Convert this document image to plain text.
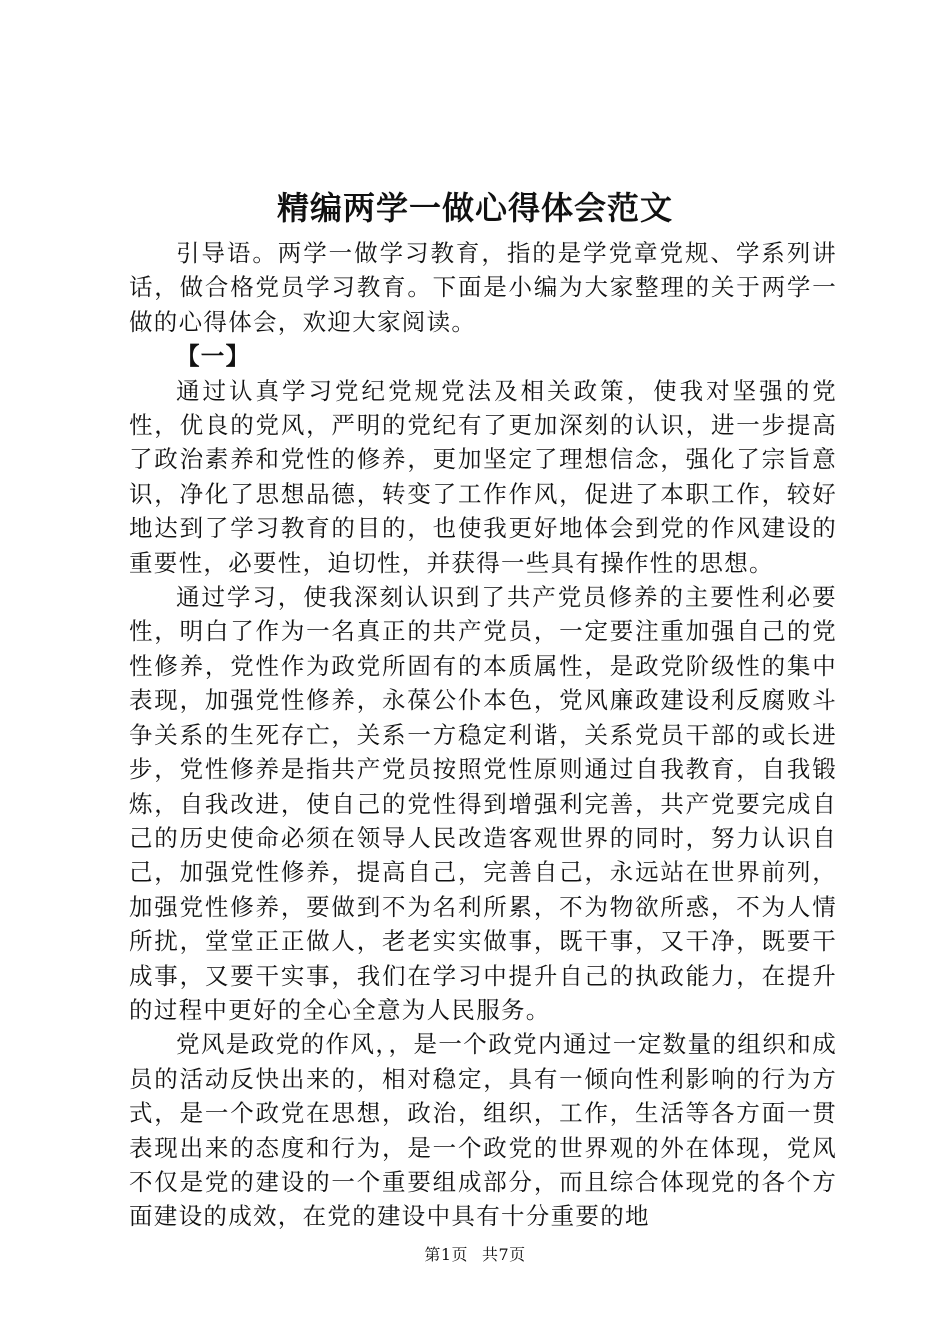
精编两学一做心得体会范文

引导语。两学一做学习教育，指的是学党章党规、学系列讲话，做合格党员学习教育。下面是小编为大家整理的关于两学一做的心得体会，欢迎大家阅读。

【一】

通过认真学习党纪党规党法及相关政策，使我对坚强的党性，优良的党风，严明的党纪有了更加深刻的认识，进一步提高了政治素养和党性的修养，更加坚定了理想信念，强化了宗旨意识，净化了思想品德，转变了工作作风，促进了本职工作，较好地达到了学习教育的目的，也使我更好地体会到党的作风建设的重要性，必要性，迫切性，并获得一些具有操作性的思想。

通过学习，使我深刻认识到了共产党员修养的主要性利必要性，明白了作为一名真正的共产党员，一定要注重加强自己的党性修养，党性作为政党所固有的本质属性，是政党阶级性的集中表现，加强党性修养，永葆公仆本色，党风廉政建设利反腐败斗争关系的生死存亡，关系一方稳定利谐，关系党员干部的或长进步，党性修养是指共产党员按照党性原则通过自我教育，自我锻炼，自我改进，使自己的党性得到增强利完善，共产党要完成自己的历史使命必须在领导人民改造客观世界的同时，努力认识自己，加强党性修养，提高自己，完善自己，永远站在世界前列，加强党性修养，要做到不为名利所累，不为物欲所惑，不为人情所扰，堂堂正正做人，老老实实做事，既干事，又干净，既要干成事，又要干实事，我们在学习中提升自己的执政能力，在提升的过程中更好的全心全意为人民服务。

党风是政党的作风，，是一个政党内通过一定数量的组织和成员的活动反快出来的，相对稳定，具有一倾向性利影响的行为方式，是一个政党在思想，政治，组织，工作，生活等各方面一贯表现出来的态度和行为，是一个政党的世界观的外在体现，党风不仅是党的建设的一个重要组成部分，而且综合体现党的各个方面建设的成效，在党的建设中具有十分重要的地

第1页 共7页
